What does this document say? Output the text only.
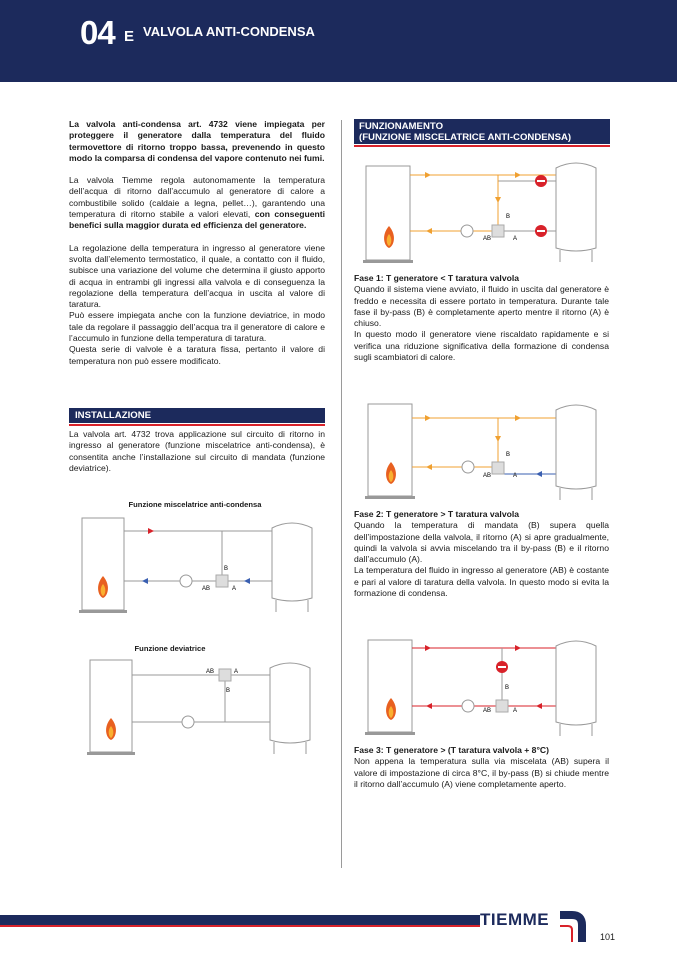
04 E VALVOLA ANTI-CONDENSA

La valvola anti-condensa art. 4732 viene impiegata per proteggere il generatore dalla temperatura del fluido termovettore di ritorno troppo bassa, prevenendo in questo modo la comparsa di condensa del vapore contenuto nei fumi.

La valvola Tiemme regola autonomamente la temperatura dell’acqua di ritorno dall’accumulo al generatore di calore a combustibile solido (caldaie a legna, pellet…), garantendo una temperatura di ritorno stabile a valori elevati, con conseguenti benefici sulla maggior durata ed efficienza del generatore.

La regolazione della temperatura in ingresso al generatore viene svolta dall’elemento termostatico, il quale, a contatto con il fluido, subisce una variazione del volume che determina il giusto apporto di acqua in entrambi gli ingressi alla valvola e di conseguenza la regolazione della temperatura dell’acqua in uscita al valore di taratura.

Può essere impiegata anche con la funzione deviatrice, in modo tale da regolare il passaggio dell’acqua tra il generatore di calore e l’accumulo in funzione della temperatura di taratura.

Questa serie di valvole è a taratura fissa, pertanto il valore di temperatura non può essere modificato.

INSTALLAZIONE
La valvola art. 4732 trova applicazione sul circuito di ritorno in ingresso al generatore (funzione miscelatrice anti-condensa), è consentita anche l’installazione sul circuito di mandata (funzione deviatrice).
Funzione miscelatrice anti-condensa
B
AB	A
Funzione deviatrice
AB	A
B
FUNZIONAMENTO
(FUNZIONE MISCELATRICE ANTI-CONDENSA)
B
AB	A

Fase 1: T generatore < T taratura valvola

Quando il sistema viene avviato, il fluido in uscita dal generatore è freddo e necessita di essere portato in temperatura. Durante tale fase il by-pass (B) è completamente aperto mentre il ritorno (A) è chiuso.

In questo modo il generatore viene riscaldato rapidamente e si verifica una riduzione significativa della formazione di condensa sugli scambiatori di calore.

B
AB	A

Fase 2: T generatore > T taratura valvola

Quando la temperatura di mandata (B) supera quella dell’impostazione della valvola, il ritorno (A) si apre gradualmente, quindi la valvola si avvia miscelando tra il by-pass (B) e il ritorno dall’accumulo (A).

La temperatura del fluido in ingresso al generatore (AB) è costante e pari al valore di taratura della valvola. In questo modo si evita la formazione di condensa.

B
AB	A

Fase 3: T generatore > (T taratura valvola + 8°C)

Non appena la temperatura sulla via miscelata (AB) supera il valore di impostazione di circa 8°C, il by-pass (B) si chiude mentre il ritorno dall’accumulo (A) viene completamente aperto.

TIEMME
101
